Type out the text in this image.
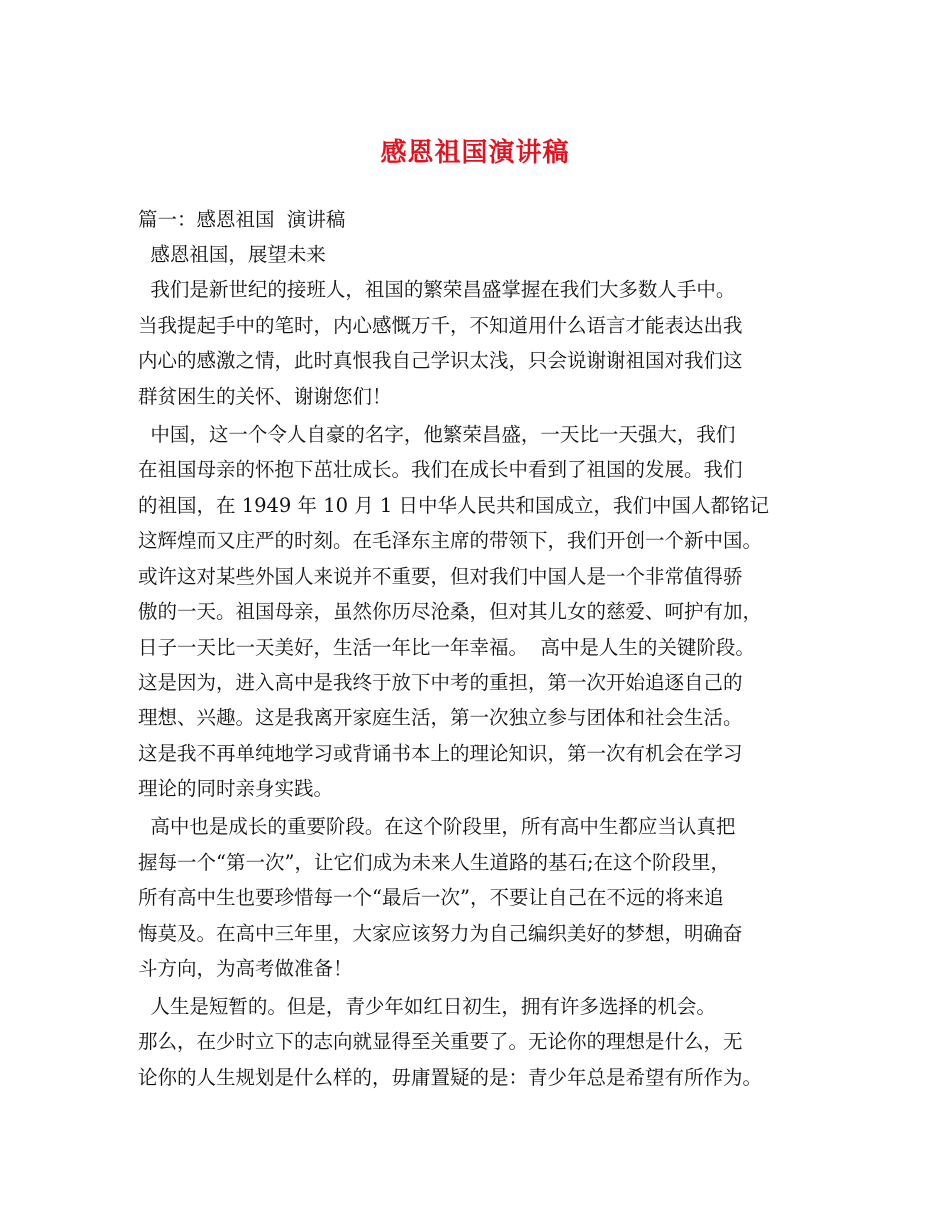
感恩祖国演讲稿
篇一：感恩祖国  演讲稿
感恩祖国，展望未来
我们是新世纪的接班人，祖国的繁荣昌盛掌握在我们大多数人手中。
当我提起手中的笔时，内心感慨万千，不知道用什么语言才能表达出我
内心的感激之情，此时真恨我自己学识太浅，只会说谢谢祖国对我们这
群贫困生的关怀、谢谢您们！
中国，这一个令人自豪的名字，他繁荣昌盛，一天比一天强大，我们
在祖国母亲的怀抱下茁壮成长。我们在成长中看到了祖国的发展。我们
的祖国，在 1949 年 10 月 1 日中华人民共和国成立，我们中国人都铭记
这辉煌而又庄严的时刻。在毛泽东主席的带领下，我们开创一个新中国。
或许这对某些外国人来说并不重要，但对我们中国人是一个非常值得骄
傲的一天。祖国母亲，虽然你历尽沧桑，但对其儿女的慈爱、呵护有加，
日子一天比一天美好，生活一年比一年幸福。  高中是人生的关键阶段。
这是因为，进入高中是我终于放下中考的重担，第一次开始追逐自己的
理想、兴趣。这是我离开家庭生活，第一次独立参与团体和社会生活。
这是我不再单纯地学习或背诵书本上的理论知识，第一次有机会在学习
理论的同时亲身实践。
高中也是成长的重要阶段。在这个阶段里，所有高中生都应当认真把
握每一个“第一次”，让它们成为未来人生道路的基石;在这个阶段里，
所有高中生也要珍惜每一个“最后一次”，不要让自己在不远的将来追
悔莫及。在高中三年里，大家应该努力为自己编织美好的梦想，明确奋
斗方向，为高考做准备！
人生是短暂的。但是，青少年如红日初生，拥有许多选择的机会。
那么，在少时立下的志向就显得至关重要了。无论你的理想是什么，无
论你的人生规划是什么样的，毋庸置疑的是：青少年总是希望有所作为。
